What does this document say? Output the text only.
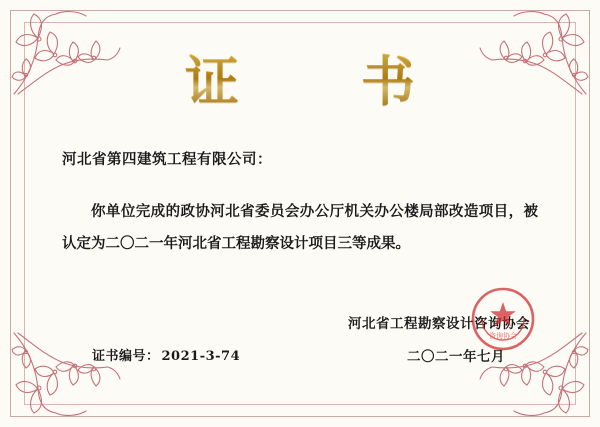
证　书
河北省第四建筑工程有限公司：
你单位完成的政协河北省委员会办公厅机关办公楼局部改造项目，被认定为二〇二一年河北省工程勘察设计项目三等成果。
河北省工程勘察设计咨询协会
二〇二一年七月
证书编号： 2021-3-74
咨询协会
